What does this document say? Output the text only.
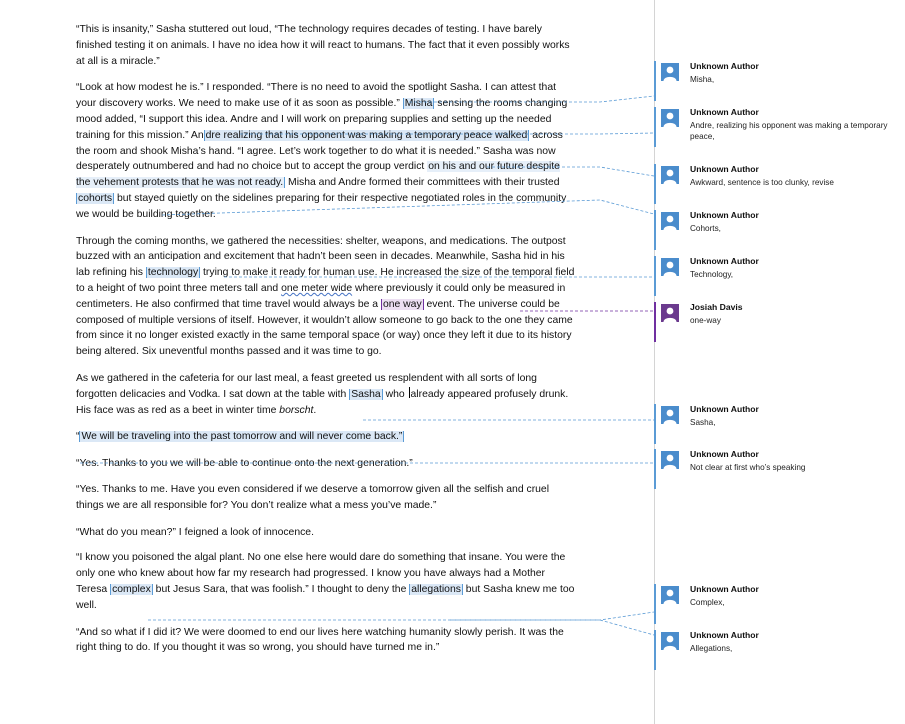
“This is insanity,” Sasha stuttered out loud, “The technology requires decades of testing. I have barely finished testing it on animals. I have no idea how it will react to humans. The fact that it even possibly works at all is a miracle.”

“Look at how modest he is.” I responded. “There is no need to avoid the spotlight Sasha. I can attest that your discovery works. We need to make use of it as soon as possible.” Misha sensing the rooms changing mood added, “I support this idea. Andre and I will work on preparing supplies and setting up the needed training for this mission.” An dre realizing that his opponent was making a temporary peace walked across the room and shook Misha’s hand. “I agree. Let’s work together to do what it is needed.” Sasha was now desperately outnumbered and had no choice but to accept the group verdict on his and our future despite the vehement protests that he was not ready. Misha and Andre formed their committees with their trusted cohorts but stayed quietly on the sidelines preparing for their respective negotiated roles in the community we would be building together.

Through the coming months, we gathered the necessities: shelter, weapons, and medications. The outpost buzzed with an anticipation and excitement that hadn’t been seen in decades. Meanwhile, Sasha hid in his lab refining his technology trying to make it ready for human use. He increased the size of the temporal field to a height of two point three meters tall and one meter wide where previously it could only be measured in centimeters. He also confirmed that time travel would always be a one way event. The universe could be composed of multiple versions of itself. However, it wouldn’t allow someone to go back to the one they came from since it no longer existed exactly in the same temporal space (or way) once they left it due to its history being altered. Six uneventful months passed and it was time to go.

As we gathered in the cafeteria for our last meal, a feast greeted us resplendent with all sorts of long forgotten delicacies and Vodka. I sat down at the table with Sasha who already appeared profusely drunk. His face was as red as a beet in winter time borscht.

“ We will be traveling into the past tomorrow and will never come back.”

“Yes. Thanks to you we will be able to continue onto the next generation.”

“Yes. Thanks to me. Have you even considered if we deserve a tomorrow given all the selfish and cruel things we are all responsible for? You don’t realize what a mess you’ve made.”

“What do you mean?” I feigned a look of innocence.

“I know you poisoned the algal plant. No one else here would dare do something that insane. You were the only one who knew about how far my research had progressed. I know you have always had a Mother Teresa complex but Jesus Sara, that was foolish.” I thought to deny the allegations but Sasha knew me too well.

“And so what if I did it? We were doomed to end our lives here watching humanity slowly perish. It was the right thing to do. If you thought it was so wrong, you should have turned me in.”

Unknown Author
Misha,
Unknown Author
Andre, realizing his opponent was making a temporary peace,
Unknown Author
Awkward, sentence is too clunky, revise
Unknown Author
Cohorts,
Unknown Author
Technology,
Josiah Davis
one-way
Unknown Author
Sasha,
Unknown Author
Not clear at first who’s speaking
Unknown Author
Complex,
Unknown Author
Allegations,
